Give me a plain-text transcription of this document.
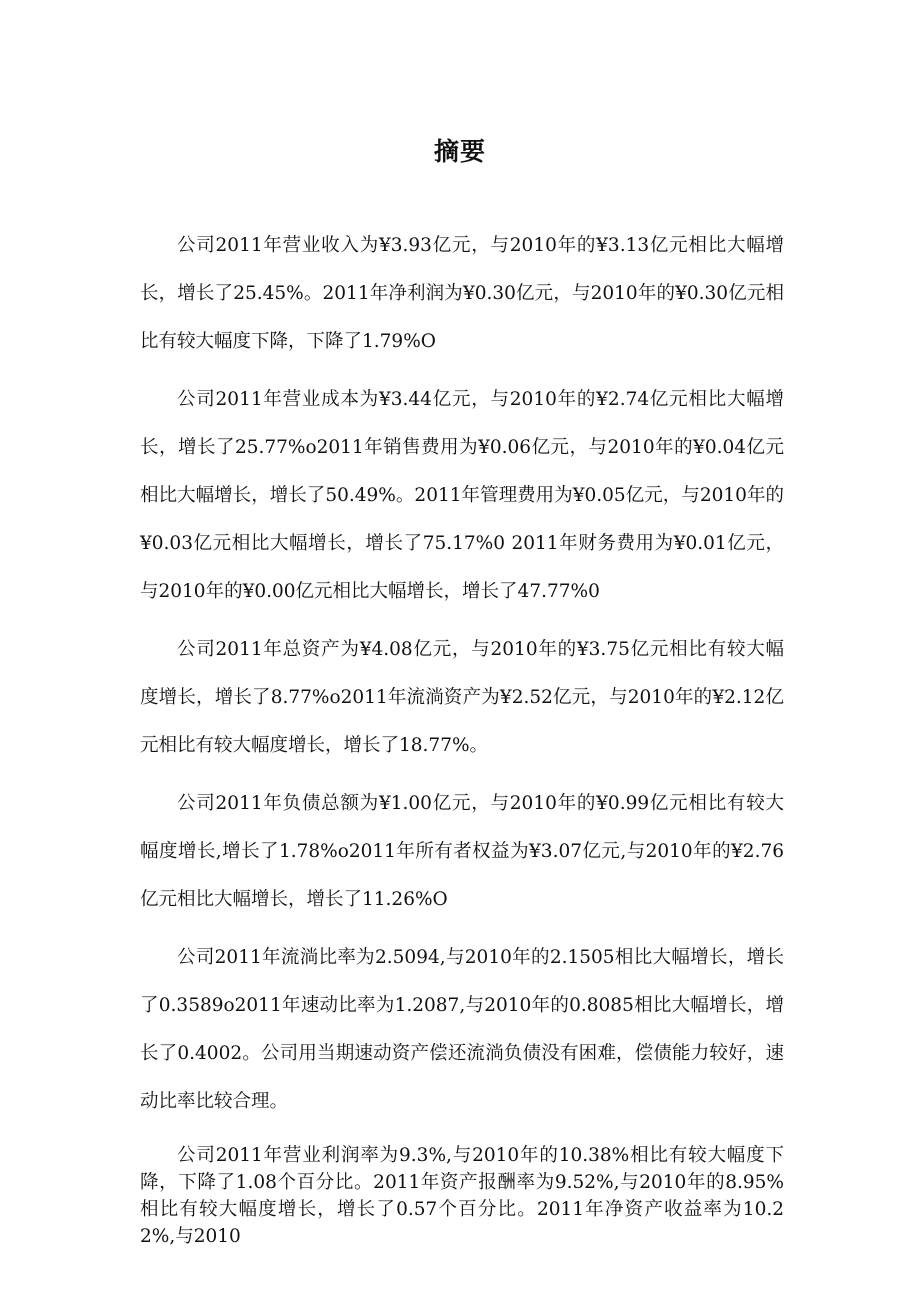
摘要

公司2011年营业收入为¥3.93亿元，与2010年的¥3.13亿元相比大幅增长，增长了25.45%。2011年净利润为¥0.30亿元，与2010年的¥0.30亿元相比有较大幅度下降，下降了1.79%O

公司2011年营业成本为¥3.44亿元，与2010年的¥2.74亿元相比大幅增长，增长了25.77%o2011年销售费用为¥0.06亿元，与2010年的¥0.04亿元相比大幅增长，增长了50.49%。2011年管理费用为¥0.05亿元，与2010年的¥0.03亿元相比大幅增长，增长了75.17%0 2011年财务费用为¥0.01亿元，与2010年的¥0.00亿元相比大幅增长，增长了47.77%0

公司2011年总资产为¥4.08亿元，与2010年的¥3.75亿元相比有较大幅度增长，增长了8.77%o2011年流淌资产为¥2.52亿元，与2010年的¥2.12亿元相比有较大幅度增长，增长了18.77%。

公司2011年负债总额为¥1.00亿元，与2010年的¥0.99亿元相比有较大幅度增长,增长了1.78%o2011年所有者权益为¥3.07亿元,与2010年的¥2.76亿元相比大幅增长，增长了11.26%O

公司2011年流淌比率为2.5094,与2010年的2.1505相比大幅增长，增长了0.3589o2011年速动比率为1.2087,与2010年的0.8085相比大幅增长，增长了0.4002。公司用当期速动资产偿还流淌负债没有困难，偿债能力较好，速动比率比较合理。

公司2011年营业利润率为9.3%,与2010年的10.38%相比有较大幅度下降，下降了1.08个百分比。2011年资产报酬率为9.52%,与2010年的8.95%相比有较大幅度增长，增长了0.57个百分比。2011年净资产收益率为10.22%,与2010
